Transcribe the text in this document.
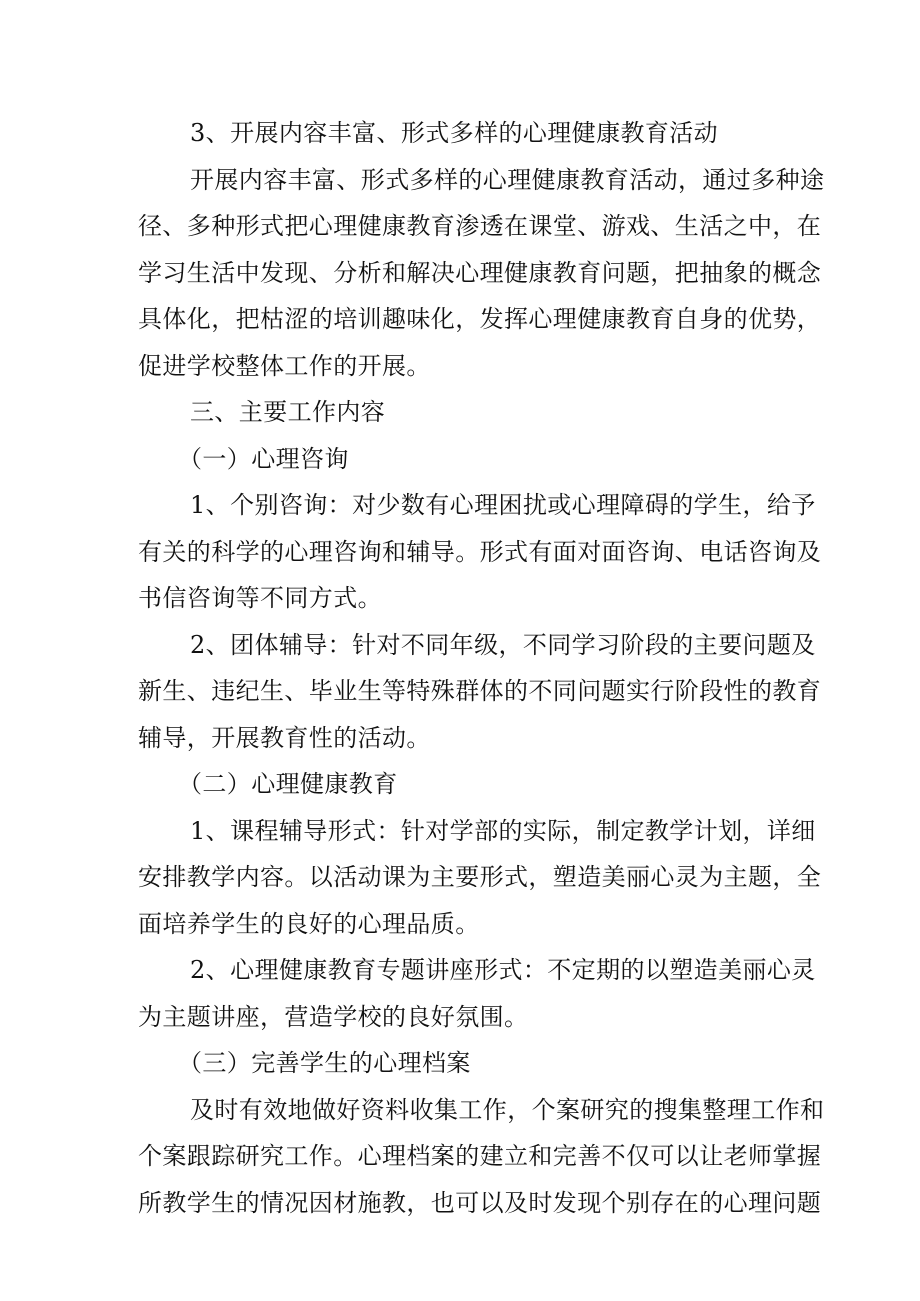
3、开展内容丰富、形式多样的心理健康教育活动
开展内容丰富、形式多样的心理健康教育活动，通过多种途
径、多种形式把心理健康教育渗透在课堂、游戏、生活之中，在
学习生活中发现、分析和解决心理健康教育问题，把抽象的概念
具体化，把枯涩的培训趣味化，发挥心理健康教育自身的优势，
促进学校整体工作的开展。
三、主要工作内容
（一）心理咨询
1、个别咨询：对少数有心理困扰或心理障碍的学生，给予
有关的科学的心理咨询和辅导。形式有面对面咨询、电话咨询及
书信咨询等不同方式。
2、团体辅导：针对不同年级，不同学习阶段的主要问题及
新生、违纪生、毕业生等特殊群体的不同问题实行阶段性的教育
辅导，开展教育性的活动。
（二）心理健康教育
1、课程辅导形式：针对学部的实际，制定教学计划，详细
安排教学内容。以活动课为主要形式，塑造美丽心灵为主题，全
面培养学生的良好的心理品质。
2、心理健康教育专题讲座形式：不定期的以塑造美丽心灵
为主题讲座，营造学校的良好氛围。
（三）完善学生的心理档案
及时有效地做好资料收集工作，个案研究的搜集整理工作和
个案跟踪研究工作。心理档案的建立和完善不仅可以让老师掌握
所教学生的情况因材施教，也可以及时发现个别存在的心理问题
